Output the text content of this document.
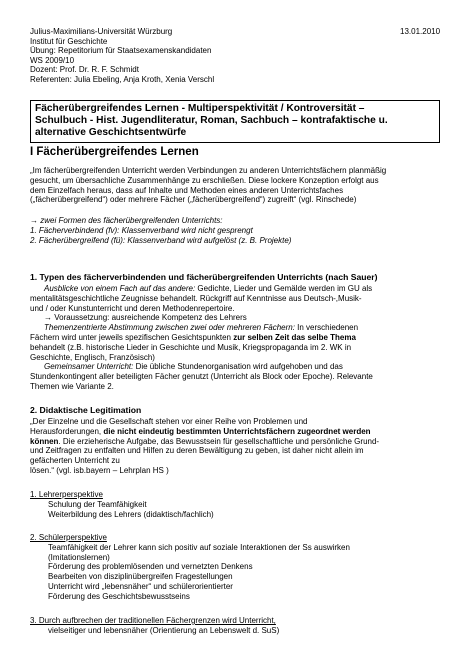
Julius-Maximilians-Universität Würzburg
Institut für Geschichte
Übung: Repetitorium für Staatsexamenskandidaten
WS 2009/10
Dozent: Prof. Dr. R. F. Schmidt
Referenten: Julia Ebeling, Anja Kroth, Xenia Verschl
13.01.2010
Fächerübergreifendes Lernen - Multiperspektivität / Kontroversität –
Schulbuch - Hist. Jugendliteratur, Roman, Sachbuch – kontrafaktische u.
alternative Geschichtsentwürfe
I Fächerübergreifendes Lernen
„Im fächerübergreifenden Unterricht werden Verbindungen zu anderen Unterrichtsfächern planmäßig
gesucht, um übersachliche Zusammenhänge zu erschließen. Diese lockere Konzeption erfolgt aus
dem Einzelfach heraus, dass auf Inhalte und Methoden eines anderen Unterrichtsfaches
(„fächerübergreifend“) oder mehrere Fächer („fächerübergreifend“) zugreift“ (vgl. Rinschede)
→ zwei Formen des fächerübergreifenden Unterrichts:
1. Fächerverbindend (fv): Klassenverband wird nicht gesprengt
2. Fächerübergreifend (fü): Klassenverband wird aufgelöst (z. B. Projekte)
1. Typen des fächerverbindenden und fächerübergreifenden Unterrichts (nach Sauer)
Ausblicke von einem Fach auf das andere: Gedichte, Lieder und Gemälde werden im GU als
mentalitätsgeschichtliche Zeugnisse behandelt. Rückgriff auf Kenntnisse aus Deutsch-,Musik-
und / oder Kunstunterricht und deren Methodenrepertoire.
→ Voraussetzung: ausreichende Kompetenz des Lehrers
Themenzentrierte Abstimmung zwischen zwei oder mehreren Fächern: In verschiedenen
Fächern wird unter jeweils spezifischen Gesichtspunkten zur selben Zeit das selbe Thema
behandelt (z.B. historische Lieder in Geschichte und Musik, Kriegspropaganda im 2. WK in
Geschichte, Englisch, Französisch)
Gemeinsamer Unterricht: Die übliche Stundenorganisation wird aufgehoben und das
Stundenkontingent aller beteiligten Fächer genutzt (Unterricht als Block oder Epoche). Relevante
Themen wie Variante 2.
2. Didaktische Legitimation
„Der Einzelne und die Gesellschaft stehen vor einer Reihe von Problemen und
Herausforderungen, die nicht eindeutig bestimmten Unterrichtsfächern zugeordnet werden
können. Die erzieherische Aufgabe, das Bewusstsein für gesellschaftliche und persönliche Grund-
und Zeitfragen zu entfalten und Hilfen zu deren Bewältigung zu geben, ist daher nicht allein im
gefächerten Unterricht zu
lösen.“ (vgl. isb.bayern – Lehrplan HS )
1. Lehrerperspektive
Schulung der Teamfähigkeit
Weiterbildung des Lehrers (didaktisch/fachlich)
2. Schülerperspektive
Teamfähigkeit der Lehrer kann sich positiv auf soziale Interaktionen der Ss auswirken
(Imitationslernen)
Förderung des problemlösenden und vernetzten Denkens
Bearbeiten von disziplinübergreifen Fragestellungen
Unterricht wird „lebensnäher“ und schülerorientierter
Förderung des Geschichtsbewusstseins
3. Durch aufbrechen der traditionellen Fächergrenzen wird Unterricht,
vielseitiger und lebensnäher (Orientierung an Lebenswelt d. SuS)
